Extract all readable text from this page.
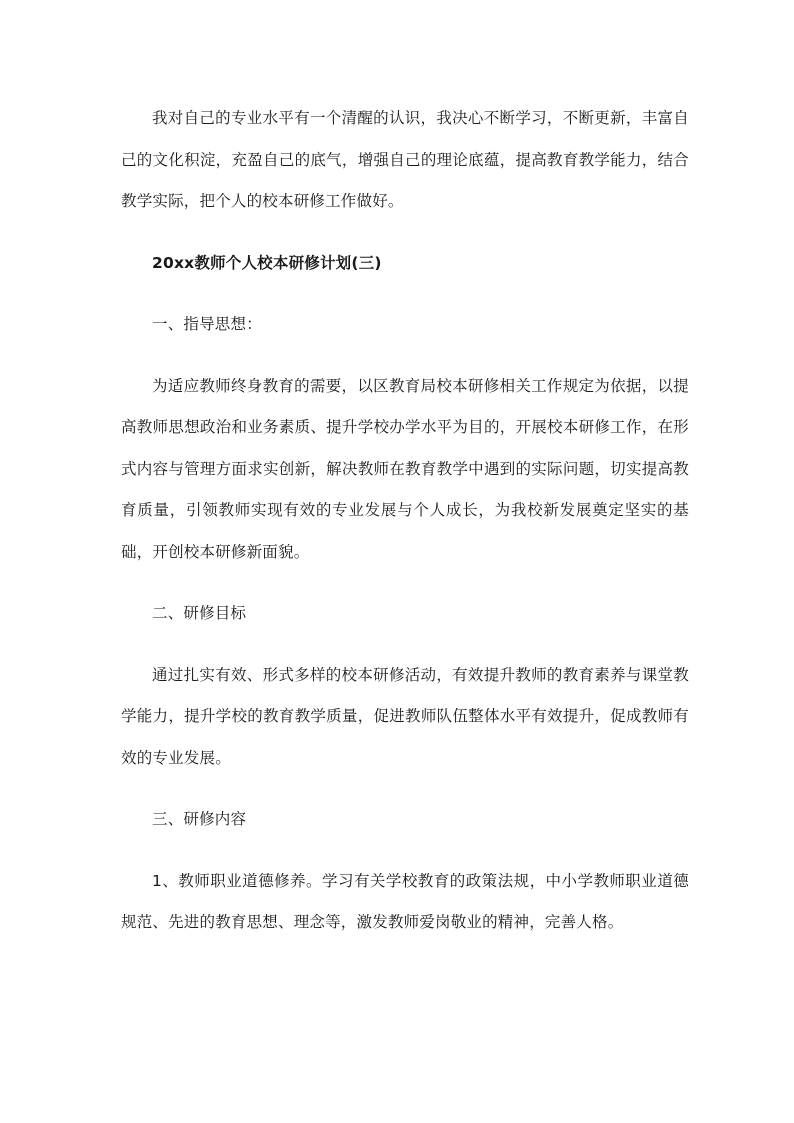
我对自己的专业水平有一个清醒的认识，我决心不断学习，不断更新，丰富自己的文化积淀，充盈自己的底气，增强自己的理论底蕴，提高教育教学能力，结合教学实际，把个人的校本研修工作做好。

20xx教师个人校本研修计划(三)

一、指导思想：

为适应教师终身教育的需要，以区教育局校本研修相关工作规定为依据，以提高教师思想政治和业务素质、提升学校办学水平为目的，开展校本研修工作，在形式内容与管理方面求实创新，解决教师在教育教学中遇到的实际问题，切实提高教育质量，引领教师实现有效的专业发展与个人成长，为我校新发展奠定坚实的基础，开创校本研修新面貌。

二、研修目标

通过扎实有效、形式多样的校本研修活动，有效提升教师的教育素养与课堂教学能力，提升学校的教育教学质量，促进教师队伍整体水平有效提升，促成教师有效的专业发展。

三、研修内容

1、教师职业道德修养。学习有关学校教育的政策法规，中小学教师职业道德规范、先进的教育思想、理念等，激发教师爱岗敬业的精神，完善人格。
